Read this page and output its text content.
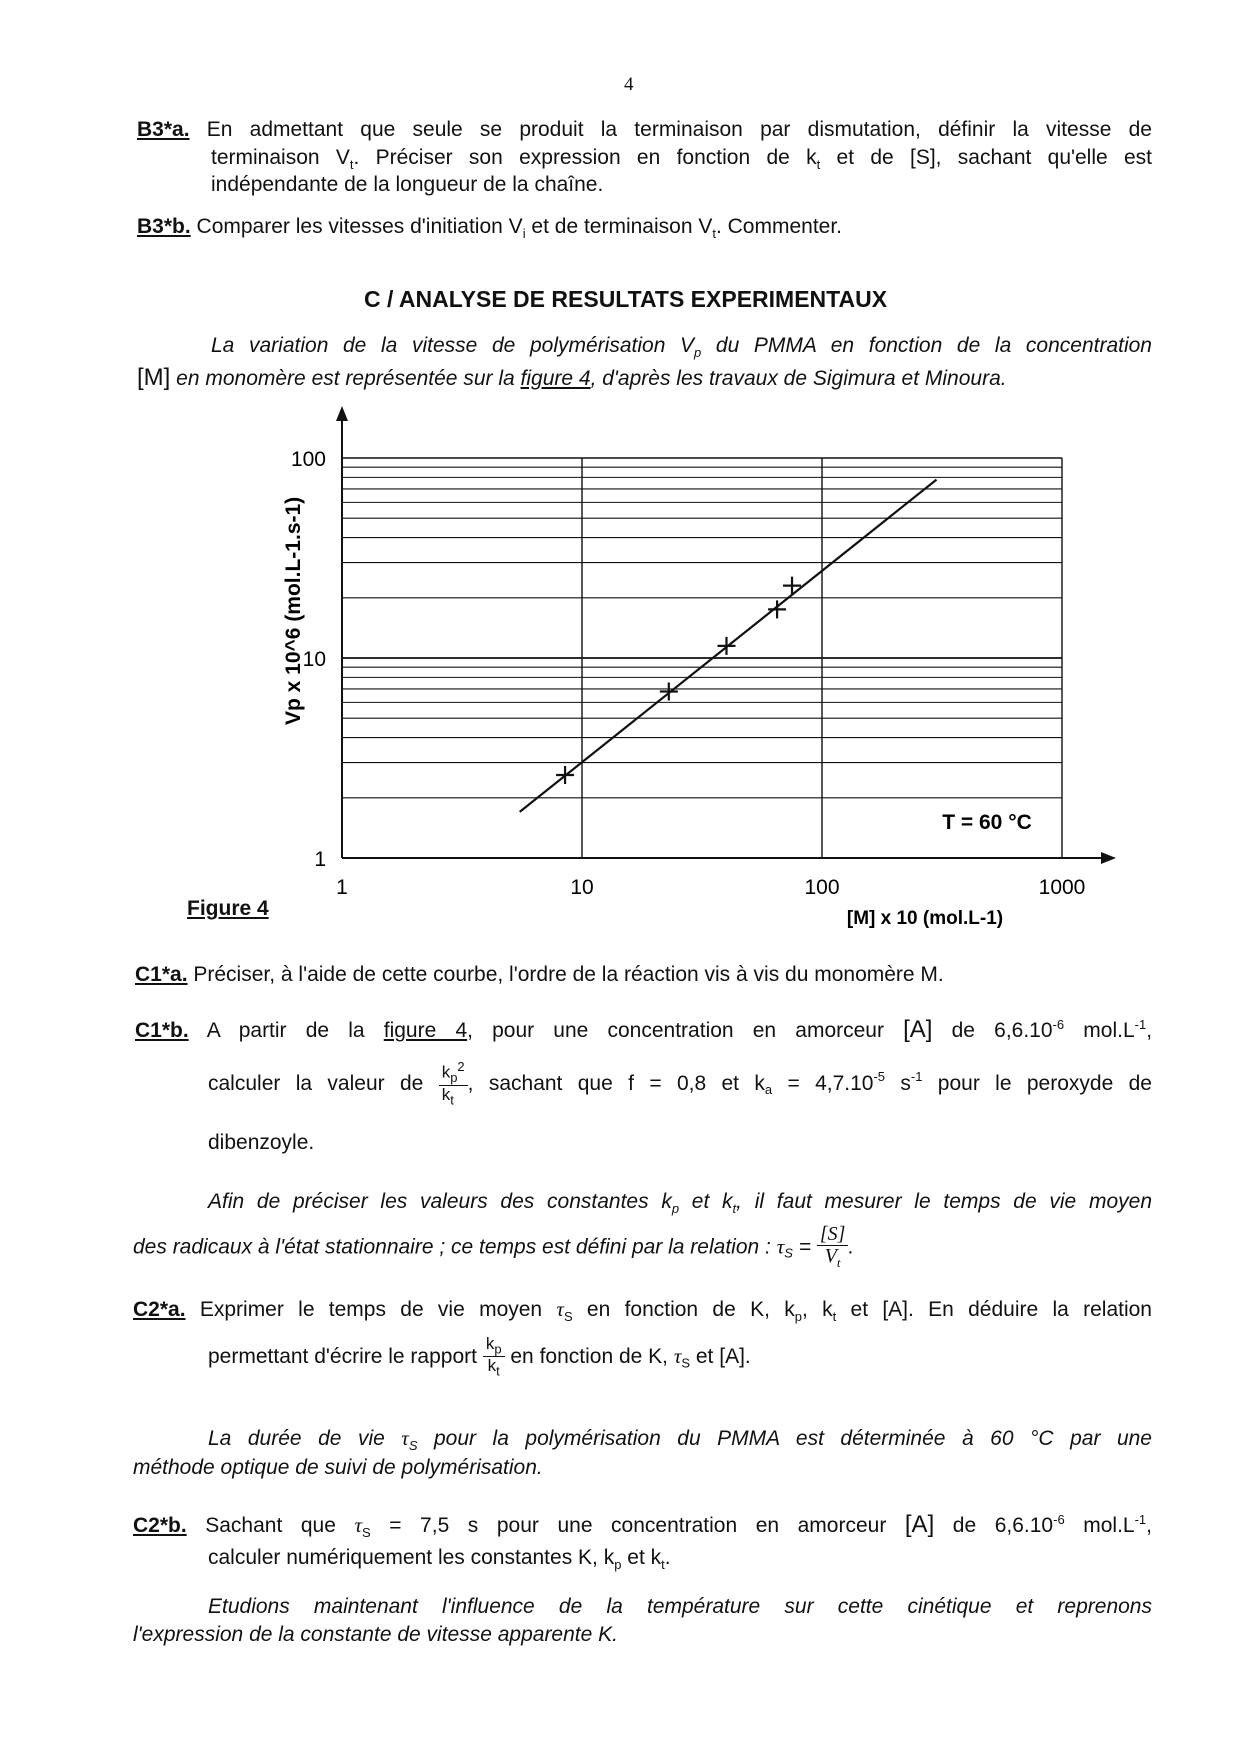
4
B3*a. En admettant que seule se produit la terminaison par dismutation, définir la vitesse de
terminaison $V_t$. Préciser son expression en fonction de $k_t$ et de [S], sachant qu'elle est
indépendante de la longueur de la chaîne.
B3*b. Comparer les vitesses d'initiation $V_i$ et de terminaison $V_t$. Commenter.
C / ANALYSE DE RESULTATS EXPERIMENTAUX
La variation de la vitesse de polymérisation $V_p$ du PMMA en fonction de la concentration
[M] en monomère est représentée sur la figure 4, d'après les travaux de Sigimura et Minoura.
1	10	100	1000
1
10
100
Vp x 10^6 (mol.L-1.s-1)
[M] x 10 (mol.L-1)
T = 60 °C
Figure 4
C1*a. Préciser, à l'aide de cette courbe, l'ordre de la réaction vis à vis du monomère M.
C1*b. A partir de la figure 4, pour une concentration en amorceur [A] de $6,6.10^{-6}$ $mol.L^{-1}$,
calculer la valeur de $\frac{k_p^2}{k_t}$ , sachant que f = 0,8 et $k_a = 4,7.10^{-5}$ $s^{-1}$ pour le peroxyde de
dibenzoyle.
Afin de préciser les valeurs des constantes $k_p$ et $k_t$, il faut mesurer le temps de vie moyen
des radicaux à l'état stationnaire ; ce temps est défini par la relation : $\tau_S = \frac{[S]}{V_t}$ .
C2*a. Exprimer le temps de vie moyen $\tau_S$ en fonction de K, $k_p$, $k_t$ et [A]. En déduire la relation
permettant d'écrire le rapport $\frac{k_p}{k_t}$ en fonction de K, $\tau_S$ et [A].
La durée de vie $\tau_S$ pour la polymérisation du PMMA est déterminée à 60 °C par une
méthode optique de suivi de polymérisation.
C2*b. Sachant que $\tau_S = 7,5$ s pour une concentration en amorceur [A] de $6,6.10^{-6}$ $mol.L^{-1}$,
calculer numériquement les constantes K, $k_p$ et $k_t$.
Etudions maintenant l'influence de la température sur cette cinétique et reprenons
l'expression de la constante de vitesse apparente K.
